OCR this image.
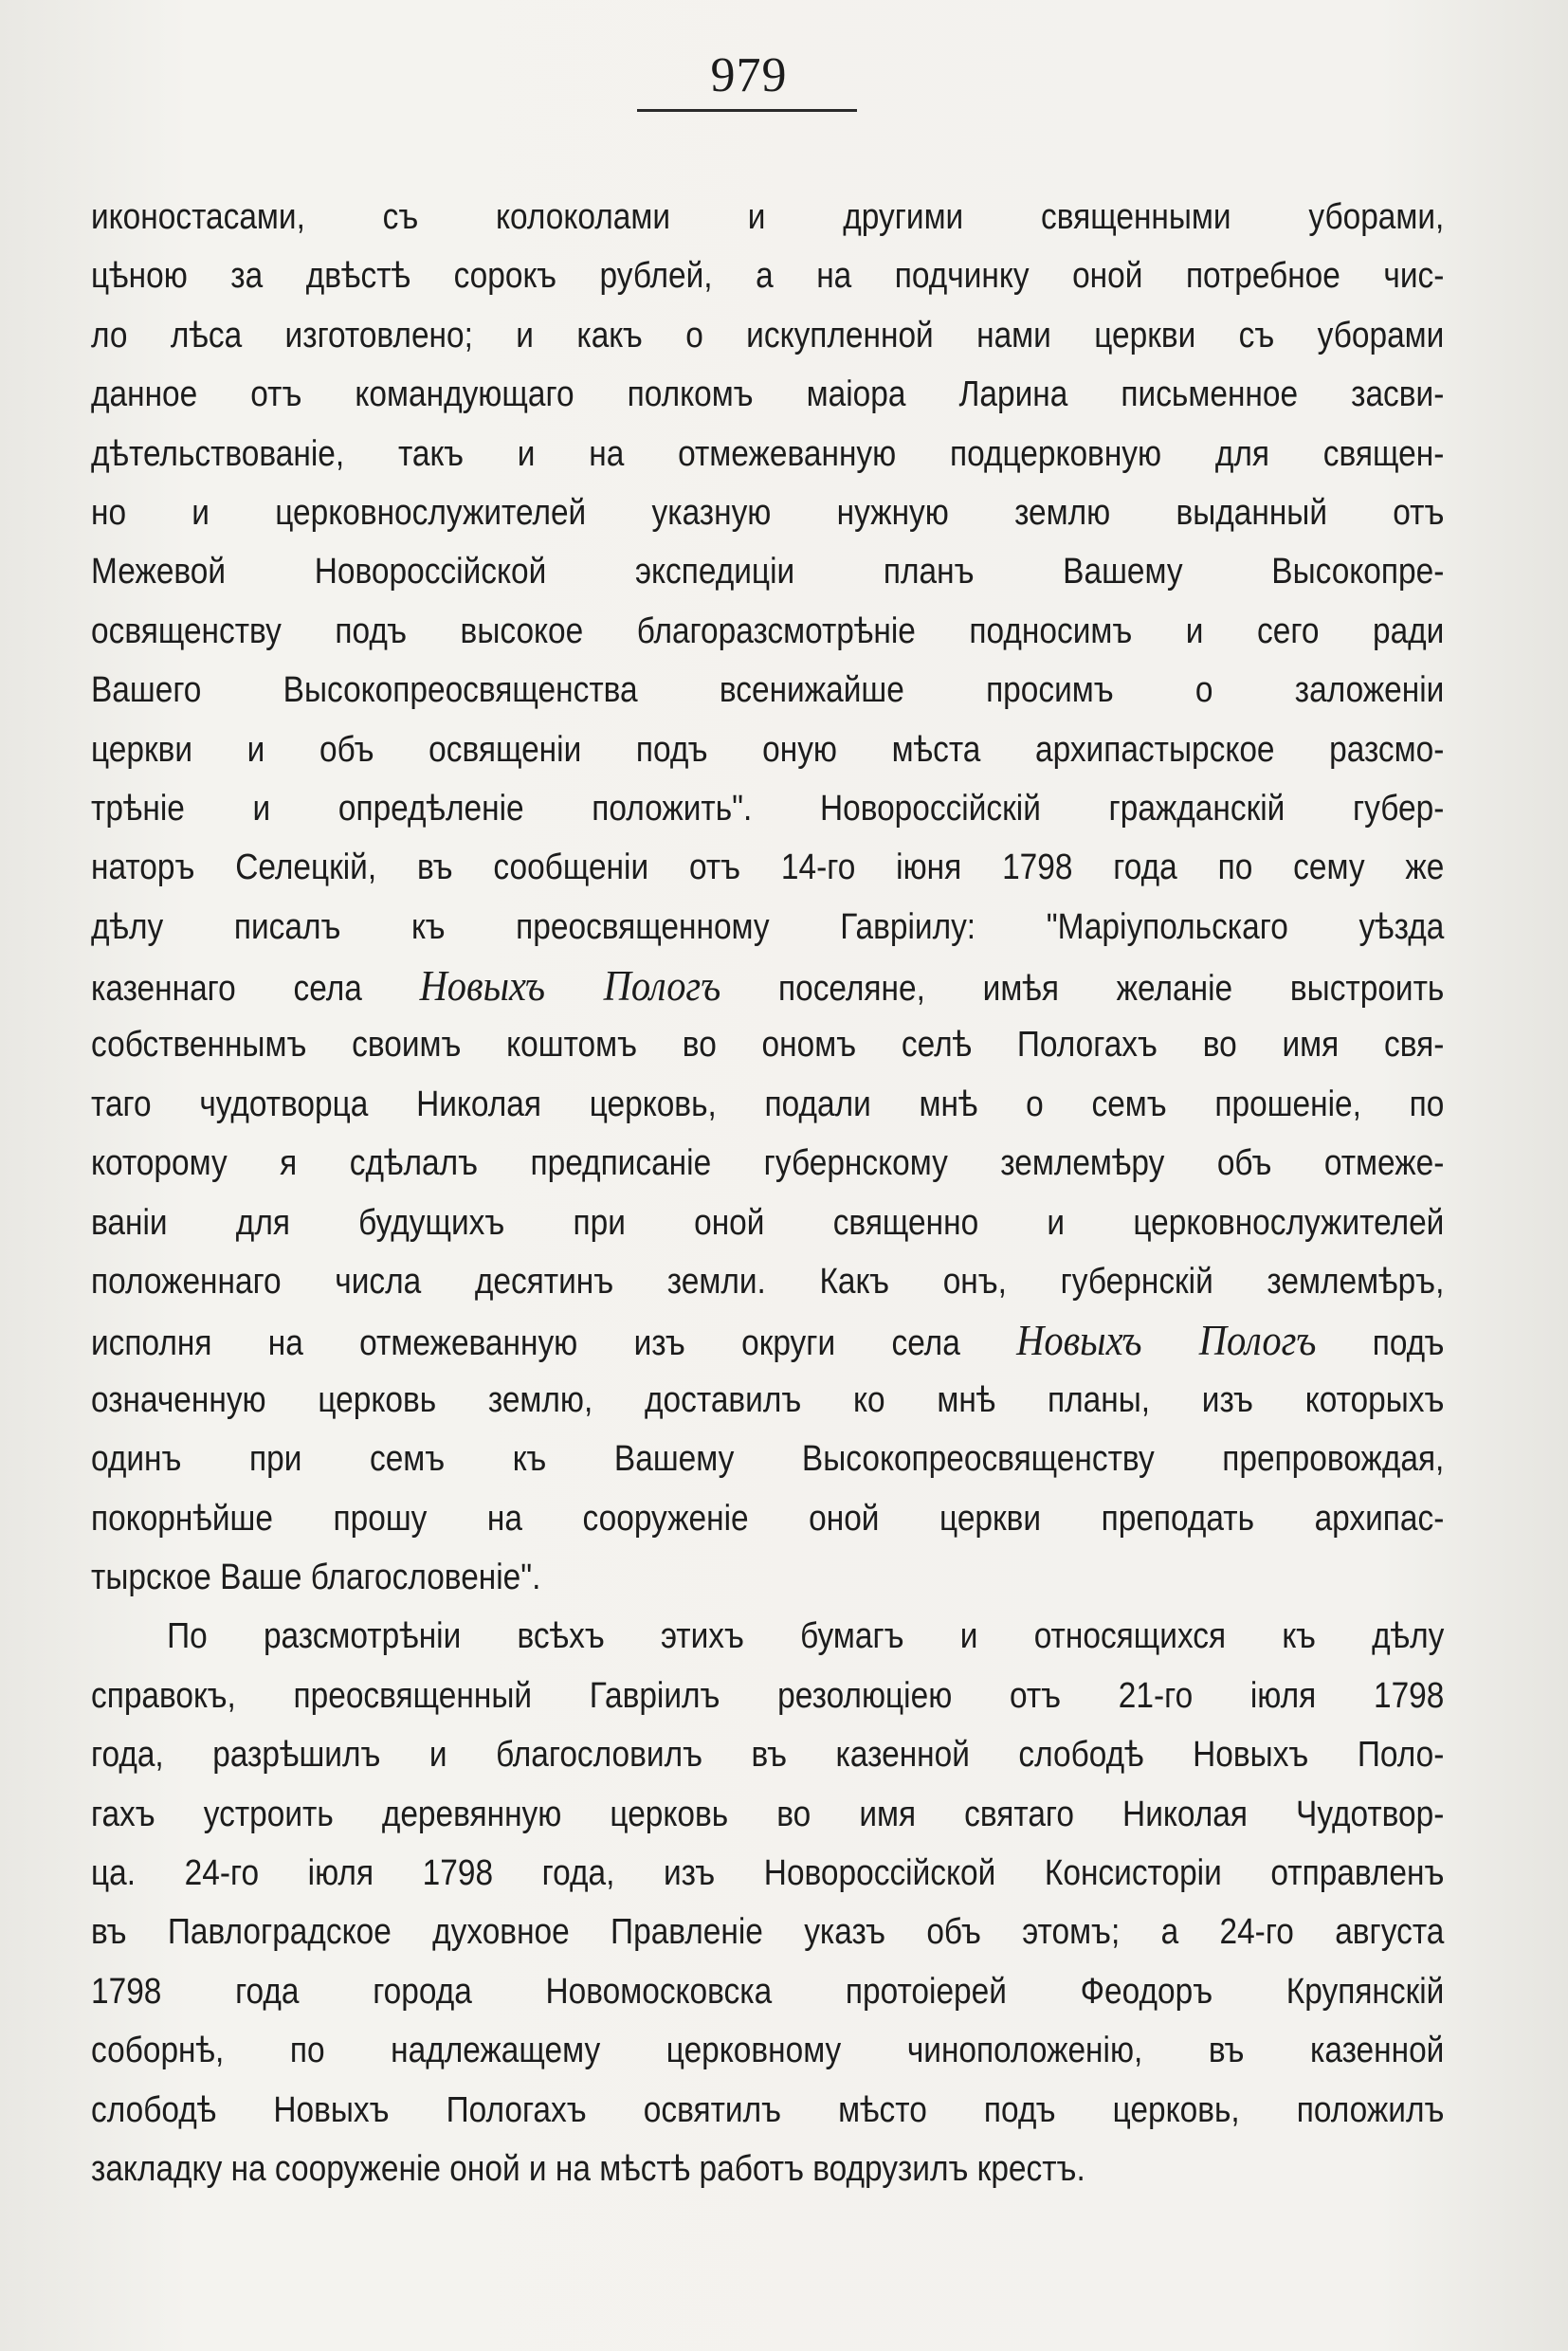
979
иконостасами, съ колоколами и другими священными уборами,
цѣною за двѣстѣ сорокъ рублей, а на подчинку оной потребное чис-
ло лѣса изготовлено; и какъ о искупленной нами церкви съ уборами
данное отъ командующаго полкомъ маіора Ларина письменное засви-
дѣтельствованіе, такъ и на отмежеванную подцерковную для священ-
но и церковнослужителей указную нужную землю выданный отъ
Межевой Новороссійской экспедиціи планъ Вашему Высокопре-
освященству подъ высокое благоразсмотрѣніе подносимъ и сего ради
Вашего Высокопреосвященства всенижайше просимъ о заложеніи
церкви и объ освященіи подъ оную мѣста архипастырское разсмо-
трѣніе и опредѣленіе положить". Новороссійскій гражданскій губер-
наторъ Селецкій, въ сообщеніи отъ 14-го іюня 1798 года по сему же
дѣлу писалъ къ преосвященному Гавріилу: "Маріупольскаго уѣзда
казеннаго села Новыхъ Пологъ поселяне, имѣя желаніе выстроить
собственнымъ своимъ коштомъ во ономъ селѣ Пологахъ во имя свя-
таго чудотворца Николая церковь, подали мнѣ о семъ прошеніе, по
которому я сдѣлалъ предписаніе губернскому землемѣру объ отмеже-
ваніи для будущихъ при оной священно и церковнослужителей
положеннаго числа десятинъ земли. Какъ онъ, губернскій землемѣръ,
исполня на отмежеванную изъ округи села Новыхъ Пологъ подъ
означенную церковь землю, доставилъ ко мнѣ планы, изъ которыхъ
одинъ при семъ къ Вашему Высокопреосвященству препровождая,
покорнѣйше прошу на сооруженіе оной церкви преподать архипас-
тырское Ваше благословеніе".
По разсмотрѣніи всѣхъ этихъ бумагъ и относящихся къ дѣлу
справокъ, преосвященный Гавріилъ резолюціею отъ 21-го іюля 1798
года, разрѣшилъ и благословилъ въ казенной слободѣ Новыхъ Поло-
гахъ устроить деревянную церковь во имя святаго Николая Чудотвор-
ца. 24-го іюля 1798 года, изъ Новороссійской Консисторіи отправленъ
въ Павлоградское духовное Правленіе указъ объ этомъ; а 24-го августа
1798 года города Новомосковска протоіерей Феодоръ Крупянскій
соборнѣ, по надлежащему церковному чиноположенію, въ казенной
слободѣ Новыхъ Пологахъ освятилъ мѣсто подъ церковь, положилъ
закладку на сооруженіе оной и на мѣстѣ работъ водрузилъ крестъ.
